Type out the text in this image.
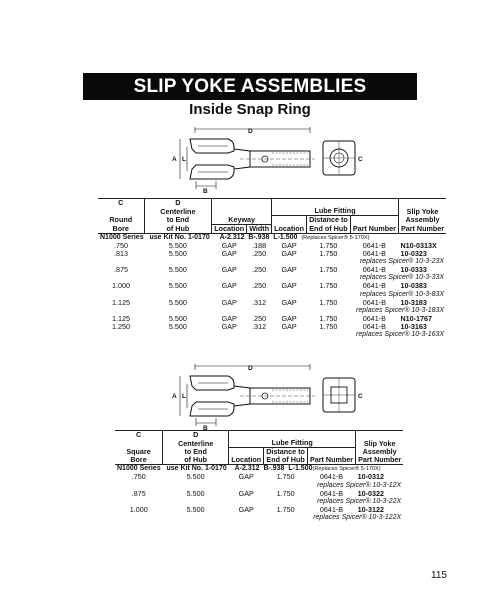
SLIP YOKE ASSEMBLIES
Inside Snap Ring
D
A L
B
C
C	D						
	Centerline			Lube Fitting			Slip Yoke
Round	to End	Keyway			Distance to		Assembly
Bore	of Hub	Location	Width	Location	End of Hub	Part Number	Part Number
N1000 Series use Kit No. 1-0170		A-2.312 B-.938 L-1.500 (Replaces Spicer® 5-170X)					
.750	5.500	GAP	.188	GAP	1.750	0641-B	N10-0313X
.813	5.500	GAP	.250	GAP	1.750	0641-B	10-0323
replaces Spicer® 10-3-23X							
.875	5.500	GAP	.250	GAP	1.750	0641-B	10-0333
replaces Spicer® 10-3-33X							
1.000	5.500	GAP	.250	GAP	1.750	0641-B	10-0383
replaces Spicer® 10-3-83X							
1.125	5.500	GAP	.312	GAP	1.750	0641-B	10-3183
replaces Spicer® 10-3-183X							
1.125	5.500	GAP	.250	GAP	1.750	0641-B	N10-1767
1.250	5.500	GAP	.312	GAP	1.750	0641-B	10-3163
replaces Spicer® 10-3-163X							
D
A L
B
C
C	D				
	Centerline	Lube Fitting			Slip Yoke
Square	to End		Distance to		Assembly
Bore	of Hub	Location	End of Hub	Part Number	Part Number
N1000 Series use Kit No. 1-0170		A-2.312 B-.938 L-1.500(Replaces Spicer® 5-170X)			
.750	5.500	GAP	1.750	0641-B	10-0312
replaces Spicer® 10-3-12X					
.875	5.500	GAP	1.750	0641-B	10-0322
replaces Spicer® 10-3-22X					
1.000	5.500	GAP	1.750	0641-B	10-3122
replaces Spicer® 10-3-122X					
115
